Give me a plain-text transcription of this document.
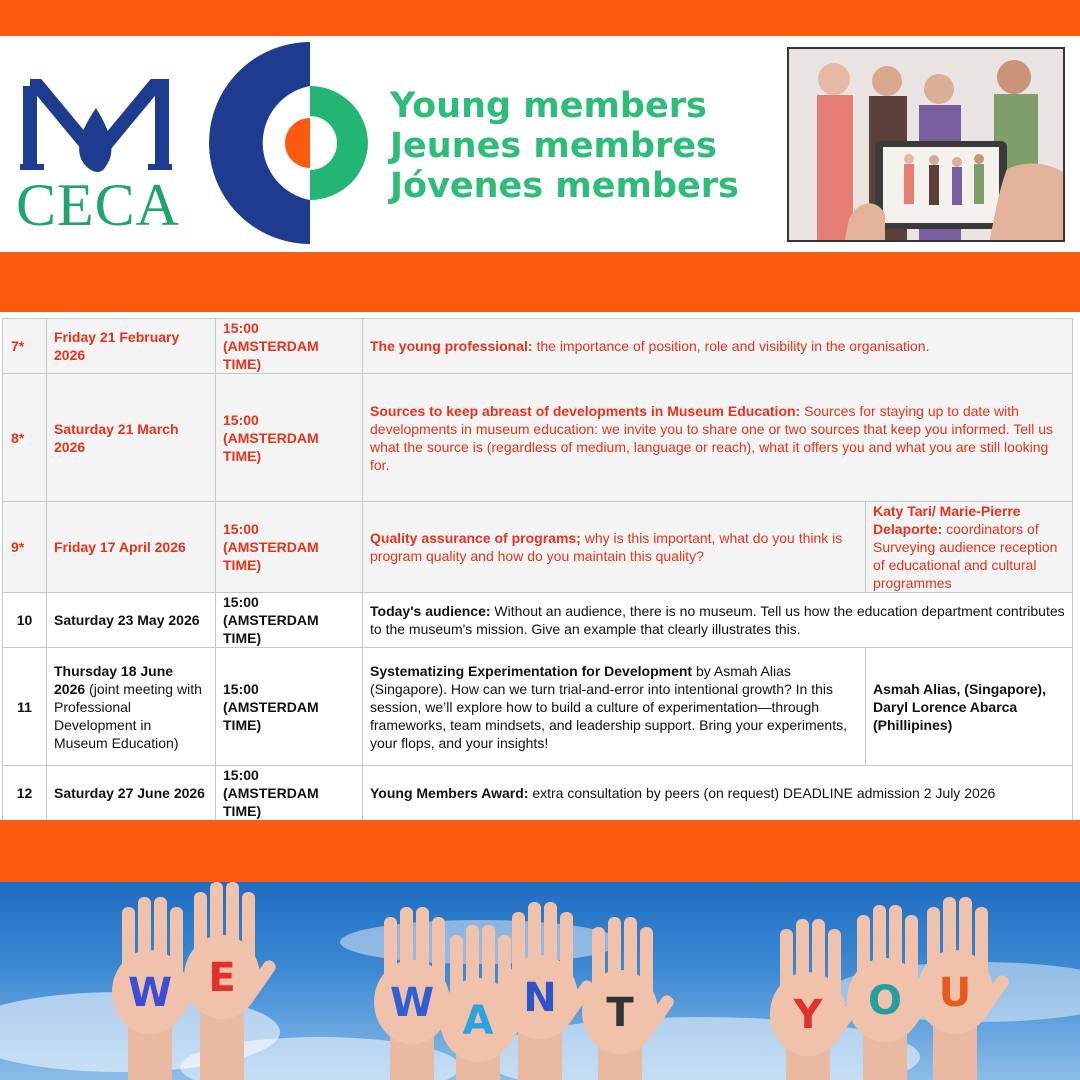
CECA
Young members
Jeunes membres
Jóvenes members
7*	Friday 21 February 2026	15:00 (AMSTERDAM TIME)	The young professional: the importance of position, role and visibility in the organisation.	
8*	Saturday 21 March 2026	15:00 (AMSTERDAM TIME)	Sources to keep abreast of developments in Museum Education: Sources for staying up to date with developments in museum education: we invite you to share one or two sources that keep you informed. Tell us what the source is (regardless of medium, language or reach), what it offers you and what you are still looking for.	
9*	Friday 17 April 2026	15:00 (AMSTERDAM TIME)	Quality assurance of programs; why is this important, what do you think is program quality and how do you maintain this quality?	Katy Tari/ Marie-Pierre Delaporte: coordinators of Surveying audience reception of educational and cultural programmes
10	Saturday 23 May 2026	15:00 (AMSTERDAM TIME)	Today's audience: Without an audience, there is no museum. Tell us how the education department contributes to the museum's mission. Give an example that clearly illustrates this.	
11	Thursday 18 June 2026 (joint meeting with Professional Development in Museum Education)	15:00 (AMSTERDAM TIME)	Systematizing Experimentation for Development by Asmah Alias (Singapore). How can we turn trial-and-error into intentional growth? In this session, we’ll explore how to build a culture of experimentation—through frameworks, team mindsets, and leadership support. Bring your experiments, your flops, and your insights!	Asmah Alias, (Singapore), Daryl Lorence Abarca (Phillipines)
12	Saturday 27 June 2026	15:00 (AMSTERDAM TIME)	Young Members Award: extra consultation by peers (on request) DEADLINE admission 2 July 2026	
W E
W A N T	Y O U
